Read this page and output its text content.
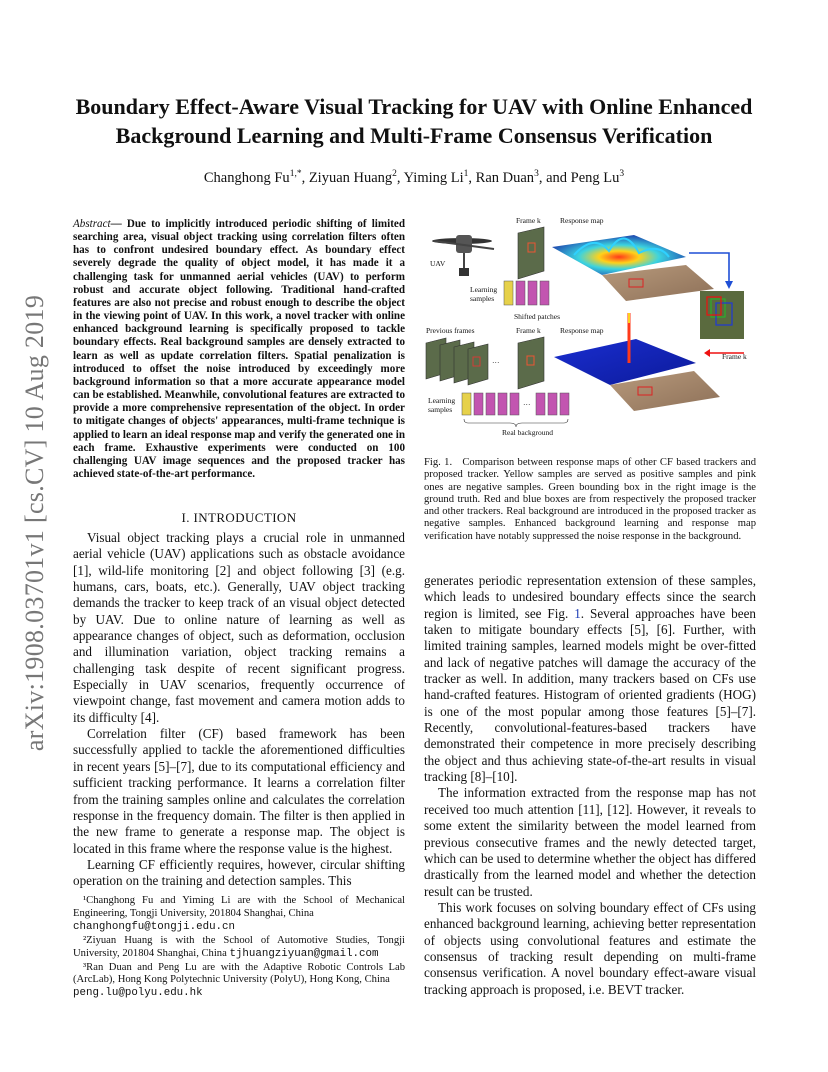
arXiv:1908.03701v1 [cs.CV] 10 Aug 2019
Boundary Effect-Aware Visual Tracking for UAV with Online Enhanced
Background Learning and Multi-Frame Consensus Verification
Changhong $Fu^{1,*}$, Ziyuan Huang$^2$, Yiming Li$^1$, Ran Duan$^3$, and Peng Lu$^3$
Abstract— Due to implicitly introduced periodic shifting of limited searching area, visual object tracking using correlation filters often has to confront undesired boundary effect. As boundary effect severely degrade the quality of object model, it has made it a challenging task for unmanned aerial vehicles (UAV) to perform robust and accurate object following. Traditional hand-crafted features are also not precise and robust enough to describe the object in the viewing point of UAV. In this work, a novel tracker with online enhanced background learning is specifically proposed to tackle boundary effects. Real background samples are densely extracted to learn as well as update correlation filters. Spatial penalization is introduced to offset the noise introduced by exceedingly more background information so that a more accurate appearance model can be established. Meanwhile, convolutional features are extracted to provide a more comprehensive representation of the object. In order to mitigate changes of objects' appearances, multi-frame technique is applied to learn an ideal response map and verify the generated one in each frame. Exhaustive experiments were conducted on 100 challenging UAV image sequences and the proposed tracker has achieved state-of-the-art performance.
I. INTRODUCTION

Visual object tracking plays a crucial role in unmanned aerial vehicle (UAV) applications such as obstacle avoidance [1], wild-life monitoring [2] and object following [3] (e.g. humans, cars, boats, etc.). Generally, UAV object tracking demands the tracker to keep track of an visual object detected by UAV. Due to online nature of learning as well as appearance changes of object, such as deformation, occlusion and illumination variation, object tracking remains a challenging task despite of recent significant progress. Especially in UAV scenarios, frequently occurrence of viewpoint change, fast movement and camera motion adds to its difficulty [4].

Correlation filter (CF) based framework has been successfully applied to tackle the aforementioned difficulties in recent years [5]–[7], due to its computational efficiency and sufficient tracking performance. It learns a correlation filter from the training samples online and calculates the correlation response in the frequency domain. The filter is then applied in the new frame to generate a response map. The object is located in this frame where the response value is the highest.

Learning CF efficiently requires, however, circular shifting operation on the training and detection samples. This

¹Changhong Fu and Yiming Li are with the School of Mechanical Engineering, Tongji University, 201804 Shanghai, China
changhongfu@tongji.edu.cn

²Ziyuan Huang is with the School of Automotive Studies, Tongji University, 201804 Shanghai, China tjhuangziyuan@gmail.com

³Ran Duan and Peng Lu are with the Adaptive Robotic Controls Lab (ArcLab), Hong Kong Polytechnic University (PolyU), Hong Kong, China
peng.lu@polyu.edu.hk

UAV
Frame k	Response map
Learning
samples
Shifted patches
Frame k
Previous frames	Frame k	Response map
···
Learning
samples
···
Real background
Fig. 1. Comparison between response maps of other CF based trackers and proposed tracker. Yellow samples are served as positive samples and pink ones are negative samples. Green bounding box in the right image is the ground truth. Red and blue boxes are from respectively the proposed tracker and other trackers. Real background are introduced in the proposed tracker as negative samples. Enhanced background learning and response map verification have notably suppressed the noise response in the background.

generates periodic representation extension of these samples, which leads to undesired boundary effects since the search region is limited, see Fig. 1. Several approaches have been taken to mitigate boundary effects [5], [6]. Further, with limited training samples, learned models might be over-fitted and lack of negative patches will damage the accuracy of the tracker as well. In addition, many trackers based on CFs use hand-crafted features. Histogram of oriented gradients (HOG) is one of the most popular among those features [5]–[7]. Recently, convolutional-features-based trackers have demonstrated their competence in more precisely describing the object and thus achieving state-of-the-art results in visual tracking [8]–[10].

The information extracted from the response map has not received too much attention [11], [12]. However, it reveals to some extent the similarity between the model learned from previous consecutive frames and the newly detected target, which can be used to determine whether the object has differed drastically from the learned model and whether the detection result can be trusted.

This work focuses on solving boundary effect of CFs using enhanced background learning, achieving better representation of objects using convolutional features and estimate the consensus of tracking result depending on multi-frame consensus verification. A novel boundary effect-aware visual tracking approach is proposed, i.e. BEVT tracker.
